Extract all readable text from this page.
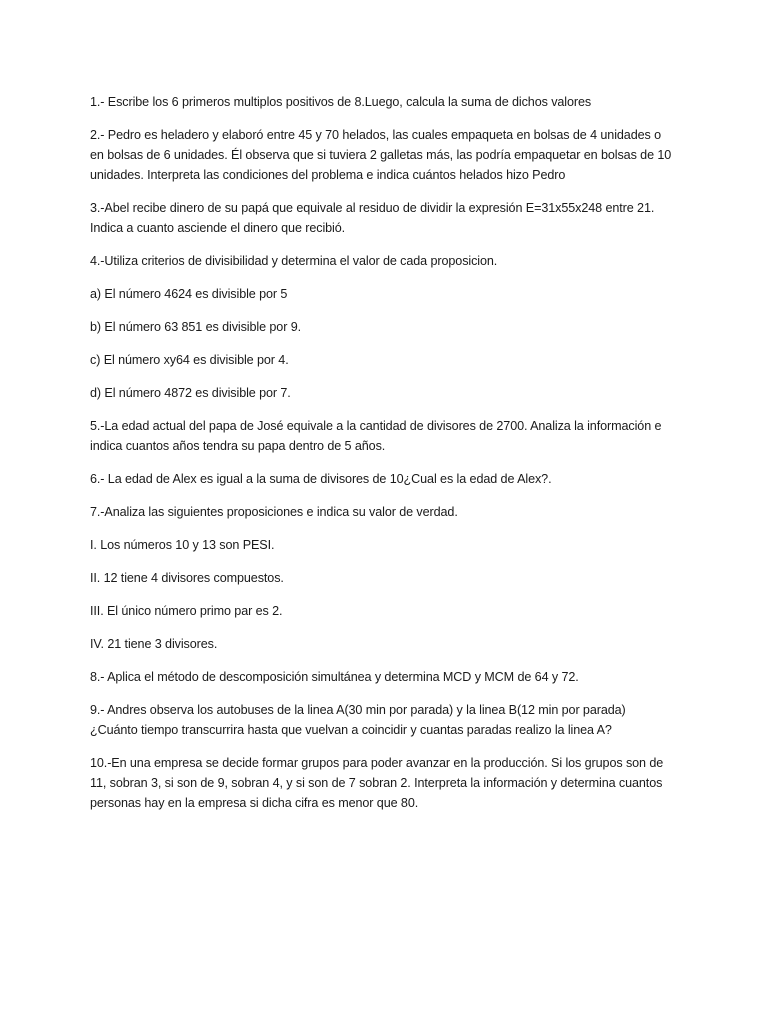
1.- Escribe los 6 primeros multiplos positivos de 8.Luego, calcula la suma de dichos valores

2.- Pedro es heladero y elaboró entre 45 y 70 helados, las cuales empaqueta en bolsas de 4 unidades o
en bolsas de 6 unidades. Él observa que si tuviera 2 galletas más, las podría empaquetar en bolsas de 10
unidades. Interpreta las condiciones del problema e indica cuántos helados hizo Pedro

3.-Abel recibe dinero de su papá que equivale al residuo de dividir la expresión E=31x55x248 entre 21.
Indica a cuanto asciende el dinero que recibió.

4.-Utiliza criterios de divisibilidad y determina el valor de cada proposicion.

a) El número 4624 es divisible por 5

b) El número 63 851 es divisible por 9.

c) El número xy64 es divisible por 4.

d) El número 4872 es divisible por 7.

5.-La edad actual del papa de José equivale a la cantidad de divisores de 2700. Analiza la información e
indica cuantos años tendra su papa dentro de 5 años.

6.- La edad de Alex es igual a la suma de divisores de 10¿Cual es la edad de Alex?.

7.-Analiza las siguientes proposiciones e indica su valor de verdad.

I. Los números 10 y 13 son PESI.

II. 12 tiene 4 divisores compuestos.

III. El único número primo par es 2.

IV. 21 tiene 3 divisores.

8.- Aplica el método de descomposición simultánea y determina MCD y MCM de 64 y 72.

9.- Andres observa los autobuses de la linea A(30 min por parada) y la linea B(12 min por parada)
¿Cuánto tiempo transcurrira hasta que vuelvan a coincidir y cuantas paradas realizo la linea A?

10.-En una empresa se decide formar grupos para poder avanzar en la producción. Si los grupos son de
11, sobran 3, si son de 9, sobran 4, y si son de 7 sobran 2. Interpreta la información y determina cuantos
personas hay en la empresa si dicha cifra es menor que 80.
